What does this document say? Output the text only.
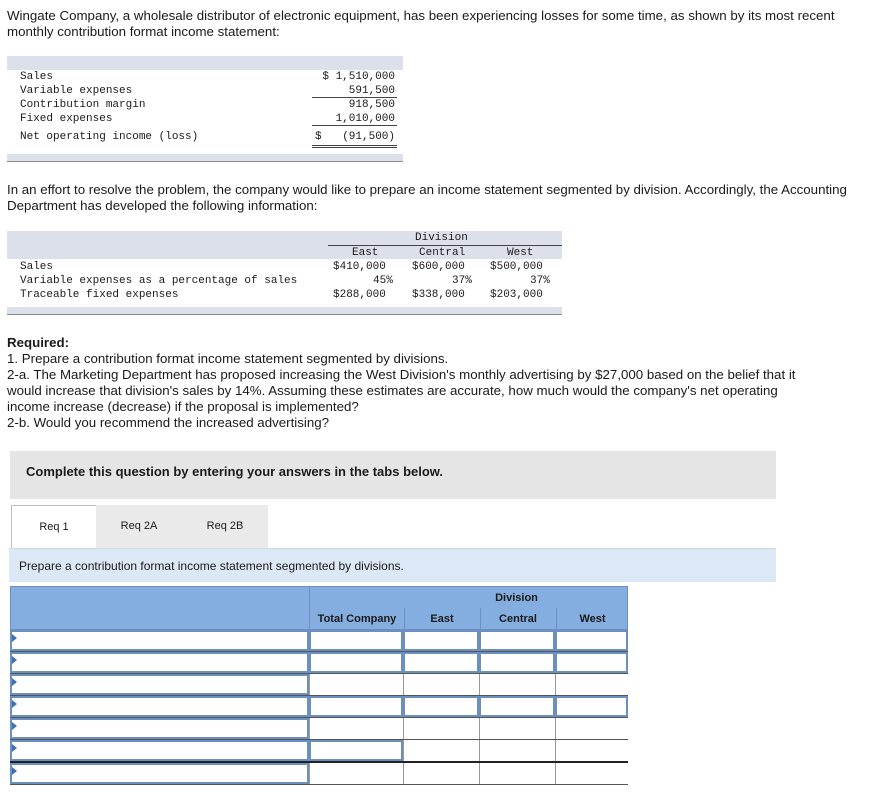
Wingate Company, a wholesale distributor of electronic equipment, has been experiencing losses for some time, as shown by its most recent monthly contribution format income statement:
Sales	$ 1,510,000
Variable expenses	591,500
Contribution margin	918,500
Fixed expenses	1,010,000
Net operating income (loss)	$ (91,500)
In an effort to resolve the problem, the company would like to prepare an income statement segmented by division. Accordingly, the Accounting Department has developed the following information:
Division
East	Central	West
Sales	$410,000 $600,000 $500,000
Variable expenses as a percentage of sales	45%	37%	37%
Traceable fixed expenses	$288,000 $338,000 $203,000
Required:
1. Prepare a contribution format income statement segmented by divisions.
2-a. The Marketing Department has proposed increasing the West Division's monthly advertising by $27,000 based on the belief that it
would increase that division's sales by 14%. Assuming these estimates are accurate, how much would the company's net operating
income increase (decrease) if the proposal is implemented?
2-b. Would you recommend the increased advertising?
Complete this question by entering your answers in the tabs below.
Req 1	Req 2A	Req 2B
Prepare a contribution format income statement segmented by divisions.
Division
Total Company	East	Central	West
